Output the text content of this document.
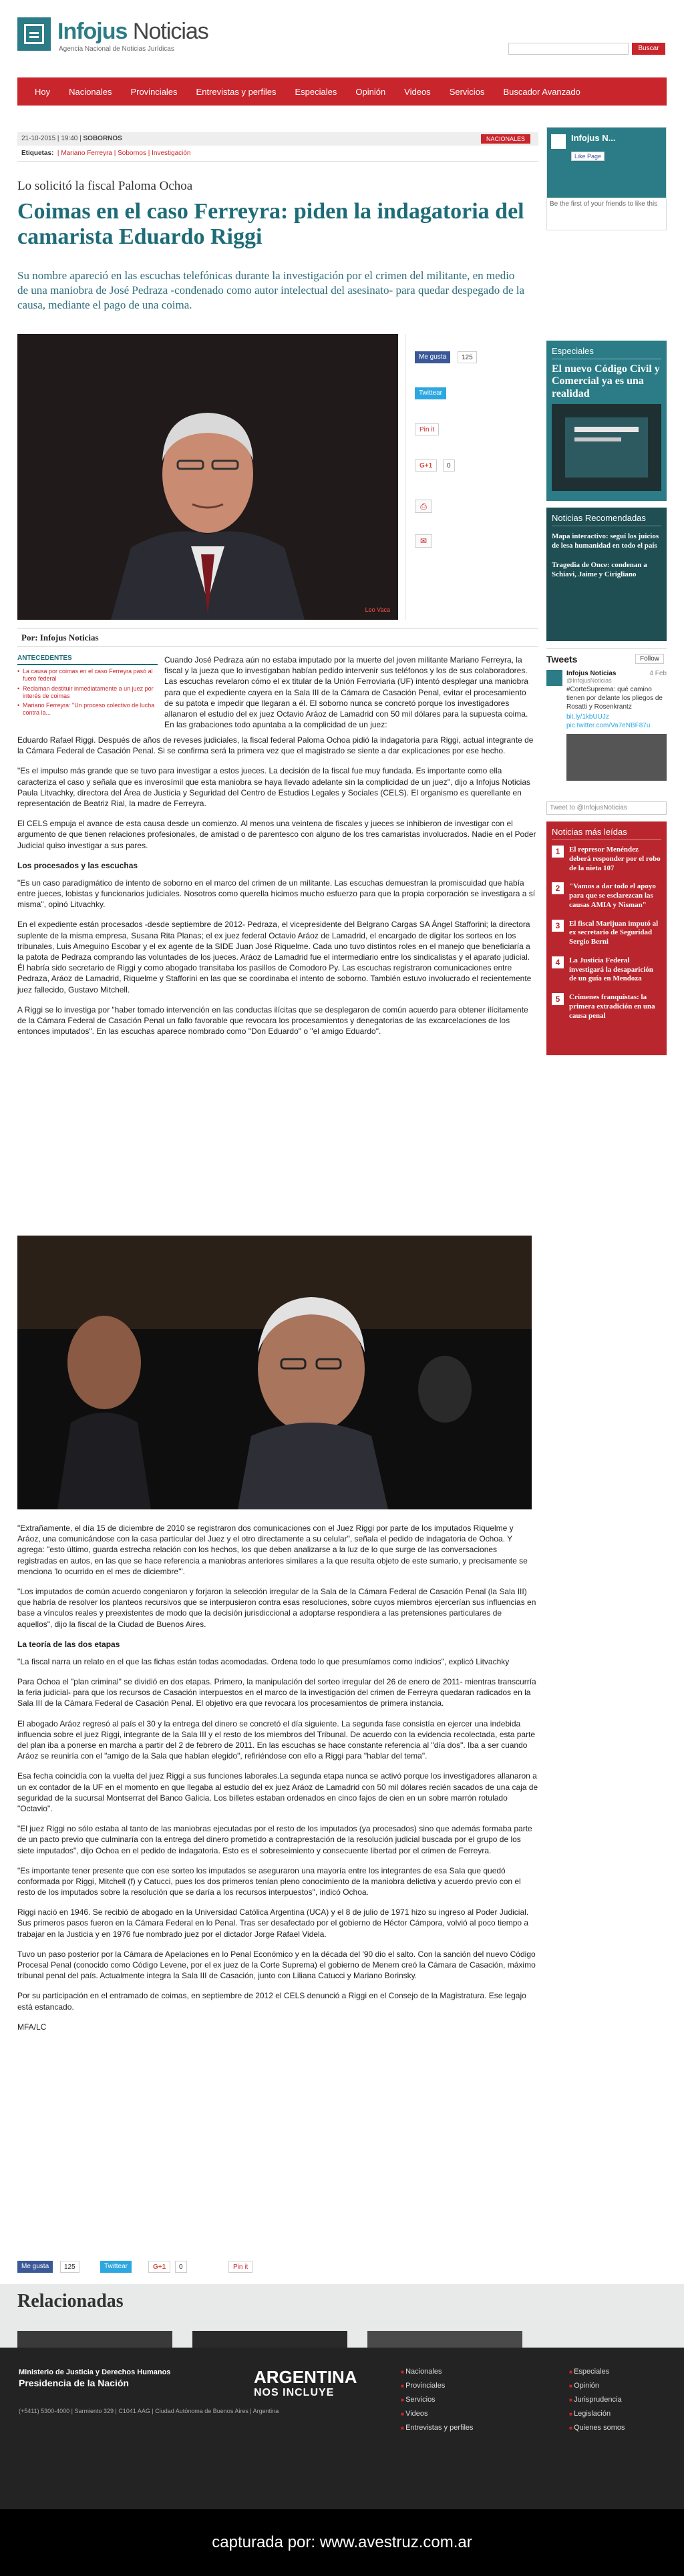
Infojus Noticias
Agencia Nacional de Noticias Jurídicas	Buscar
Hoy	Nacionales	Provinciales	Entrevistas y perfiles	Especiales	Opinión	Videos	Servicios	Buscador Avanzado
21-10-2015 | 19:40 | SOBORNOS	NACIONALES
Etiquetas:  | Mariano Ferreyra | Sobornos | Investigación
Lo solicitó la fiscal Paloma Ochoa
Coimas en el caso Ferreyra: piden la indagatoria del camarista Eduardo Riggi
Su nombre apareció en las escuchas telefónicas durante la investigación por el crimen del militante, en medio de una maniobra de José Pedraza -condenado como autor intelectual del asesinato- para quedar despegado de la causa, mediante el pago de una coima.
Leo Vaca
Me gusta	125
Twittear
Pin it
G+1	0
⎙
✉
Por: Infojus Noticias
ANTECEDENTES
• La causa por coimas en el caso Ferreyra pasó al fuero federal
• Reclaman destituir inmediatamente a un juez por interés de coimas
• Mariano Ferreyra: "Un proceso colectivo de lucha contra la...
Cuando José Pedraza aún no estaba imputado por la muerte del joven militante Mariano Ferreyra, la fiscal y la jueza que lo investigaban habían pedido intervenir sus teléfonos y los de sus colaboradores. Las escuchas revelaron cómo el ex titular de la Unión Ferroviaria (UF) intentó desplegar una maniobra para que el expediente cayera en la Sala III de la Cámara de Casación Penal, evitar el procesamiento de su patota e impedir que llegaran a él. El soborno nunca se concretó porque los investigadores allanaron el estudio del ex juez Octavio Aráoz de Lamadrid con 50 mil dólares para la supuesta coima. En las grabaciones todo apuntaba a la complicidad de un juez:

Eduardo Rafael Riggi. Después de años de reveses judiciales, la fiscal federal Paloma Ochoa pidió la indagatoria para Riggi, actual integrante de la Cámara Federal de Casación Penal. Si se confirma será la primera vez que el magistrado se siente a dar explicaciones por ese hecho.

"Es el impulso más grande que se tuvo para investigar a estos jueces. La decisión de la fiscal fue muy fundada. Es importante como ella caracteriza el caso y señala que es inverosímil que esta maniobra se haya llevado adelante sin la complicidad de un juez", dijo a Infojus Noticias Paula Litvachky, directora del Área de Justicia y Seguridad del Centro de Estudios Legales y Sociales (CELS). El organismo es querellante en representación de Beatriz Rial, la madre de Ferreyra.

El CELS empuja el avance de esta causa desde un comienzo. Al menos una veintena de fiscales y jueces se inhibieron de investigar con el argumento de que tienen relaciones profesionales, de amistad o de parentesco con alguno de los tres camaristas involucrados. Nadie en el Poder Judicial quiso investigar a sus pares.

Los procesados y las escuchas

"Es un caso paradigmático de intento de soborno en el marco del crimen de un militante. Las escuchas demuestran la promiscuidad que había entre jueces, lobistas y funcionarios judiciales. Nosotros como querella hicimos mucho esfuerzo para que la propia corporación se investigara a sí misma", opinó Litvachky.

En el expediente están procesados -desde septiembre de 2012- Pedraza, el vicepresidente del Belgrano Cargas SA Ángel Stafforini; la directora suplente de la misma empresa, Susana Rita Planas; el ex juez federal Octavio Aráoz de Lamadrid, el encargado de digitar los sorteos en los tribunales, Luis Ameguino Escobar y el ex agente de la SIDE Juan José Riquelme. Cada uno tuvo distintos roles en el manejo que beneficiaría a la patota de Pedraza comprando las voluntades de los jueces. Aráoz de Lamadrid fue el intermediario entre los sindicalistas y el aparato judicial. Él habría sido secretario de Riggi y como abogado transitaba los pasillos de Comodoro Py. Las escuchas registraron comunicaciones entre Pedraza, Aráoz de Lamadrid, Riquelme y Stafforini en las que se coordinaba el intento de soborno. También estuvo involucrado el recientemente juez fallecido, Gustavo Mitchell.

A Riggi se lo investiga por "haber tomado intervención en las conductas ilícitas que se desplegaron de común acuerdo para obtener ilícitamente de la Cámara Federal de Casación Penal un fallo favorable que revocara los procesamientos y denegatorias de las excarcelaciones de los entonces imputados". En las escuchas aparece nombrado como "Don Eduardo" o "el amigo Eduardo".

"Extrañamente, el día 15 de diciembre de 2010 se registraron dos comunicaciones con el Juez Riggi por parte de los imputados Riquelme y Aráoz, una comunicándose con la casa particular del Juez y el otro directamente a su celular", señala el pedido de indagatoria de Ochoa. Y agrega: "esto último, guarda estrecha relación con los hechos, los que deben analizarse a la luz de lo que surge de las conversaciones registradas en autos, en las que se hace referencia a maniobras anteriores similares a la que resulta objeto de este sumario, y precisamente se menciona 'lo ocurrido en el mes de diciembre'".

"Los imputados de común acuerdo congeniaron y forjaron la selección irregular de la Sala de la Cámara Federal de Casación Penal (la Sala III) que habría de resolver los planteos recursivos que se interpusieron contra esas resoluciones, sobre cuyos miembros ejercerían sus influencias en base a vínculos reales y preexistentes de modo que la decisión jurisdiccional a adoptarse respondiera a las pretensiones particulares de aquellos", dijo la fiscal de la Ciudad de Buenos Aires.

La teoría de las dos etapas

"La fiscal narra un relato en el que las fichas están todas acomodadas. Ordena todo lo que presumíamos como indicios", explicó Litvachky

Para Ochoa el "plan criminal" se dividió en dos etapas. Primero, la manipulación del sorteo irregular del 26 de enero de 2011- mientras transcurría la feria judicial- para que los recursos de Casación interpuestos en el marco de la investigación del crimen de Ferreyra quedaran radicados en la Sala III de la Cámara Federal de Casación Penal. El objetivo era que revocara los procesamientos de primera instancia.

El abogado Aráoz regresó al país el 30 y la entrega del dinero se concretó el día siguiente. La segunda fase consistía en ejercer una indebida influencia sobre el juez Riggi, integrante de la Sala III y el resto de los miembros del Tribunal. De acuerdo con la evidencia recolectada, esta parte del plan iba a ponerse en marcha a partir del 2 de febrero de 2011. En las escuchas se hace constante referencia al "día dos". Iba a ser cuando Aráoz se reuniría con el "amigo de la Sala que habían elegido", refiriéndose con ello a Riggi para "hablar del tema".

Esa fecha coincidía con la vuelta del juez Riggi a sus funciones laborales.La segunda etapa nunca se activó porque los investigadores allanaron a un ex contador de la UF en el momento en que llegaba al estudio del ex juez Aráoz de Lamadrid con 50 mil dólares recién sacados de una caja de seguridad de la sucursal Montserrat del Banco Galicia. Los billetes estaban ordenados en cinco fajos de cien en un sobre marrón rotulado "Octavio".

"El juez Riggi no sólo estaba al tanto de las maniobras ejecutadas por el resto de los imputados (ya procesados) sino que además formaba parte de un pacto previo que culminaría con la entrega del dinero prometido a contraprestación de la resolución judicial buscada por el grupo de los siete imputados", dijo Ochoa en el pedido de indagatoria. Esto es el sobreseimiento y consecuente libertad por el crimen de Ferreyra.

"Es importante tener presente que con ese sorteo los imputados se aseguraron una mayoría entre los integrantes de esa Sala que quedó conformada por Riggi, Mitchell (f) y Catucci, pues los dos primeros tenían pleno conocimiento de la maniobra delictiva y acuerdo previo con el resto de los imputados sobre la resolución que se daría a los recursos interpuestos", indicó Ochoa.

Riggi nació en 1946. Se recibió de abogado en la Universidad Católica Argentina (UCA) y el 8 de julio de 1971 hizo su ingreso al Poder Judicial. Sus primeros pasos fueron en la Cámara Federal en lo Penal. Tras ser desafectado por el gobierno de Héctor Cámpora, volvió al poco tiempo a trabajar en la Justicia y en 1976 fue nombrado juez por el dictador Jorge Rafael Videla.

Tuvo un paso posterior por la Cámara de Apelaciones en lo Penal Económico y en la década del '90 dio el salto. Con la sanción del nuevo Código Procesal Penal (conocido como Código Levene, por el ex juez de la Corte Suprema) el gobierno de Menem creó la Cámara de Casación, máximo tribunal penal del país. Actualmente integra la Sala III de Casación, junto con Liliana Catucci y Mariano Borinsky.

Por su participación en el entramado de coimas, en septiembre de 2012 el CELS denunció a Riggi en el Consejo de la Magistratura. Ese legajo está estancado.

MFA/LC

Me gusta	125	Twittear	G+1	0	Pin it
Relacionadas
Infojus N...
Like Page
Be the first of your friends to like this
Especiales
El nuevo Código Civil y Comercial ya es una realidad
Noticias Recomendadas
Mapa interactivo: seguí los juicios de lesa humanidad en todo el país
Tragedia de Once: condenan a Schiavi, Jaime y Cirigliano
Tweets	Follow
Infojus Noticias	4 Feb
@InfojusNoticias
#CorteSuprema: qué camino tienen por delante los pliegos de Rosatti y Rosenkrantz
bit.ly/1kbUUJz pic.twitter.com/Va7eNBF87u
Tweet to @InfojusNoticias
Noticias más leídas
1	El represor Menéndez deberá responder por el robo de la nieta 107
2	"Vamos a dar todo el apoyo para que se esclarezcan las causas AMIA y Nisman"
3	El fiscal Marijuan imputó al ex secretario de Seguridad Sergio Berni
4	La Justicia Federal investigará la desaparición de un guía en Mendoza
5	Crímenes franquistas: la primera extradición en una causa penal
Ministerio de Justicia y Derechos Humanos
Presidencia de la Nación	ARGENTINA
NOS INCLUYE
(+5411) 5300-4000 | Sarmiento 329 | C1041 AAG | Ciudad Autónoma de Buenos Aires | Argentina
■ Nacionales
■ Provinciales
■ Servicios
■ Videos
■ Entrevistas y perfiles
■ Especiales
■ Opinión
■ Jurisprudencia
■ Legislación
■ Quienes somos
capturada por: www.avestruz.com.ar
